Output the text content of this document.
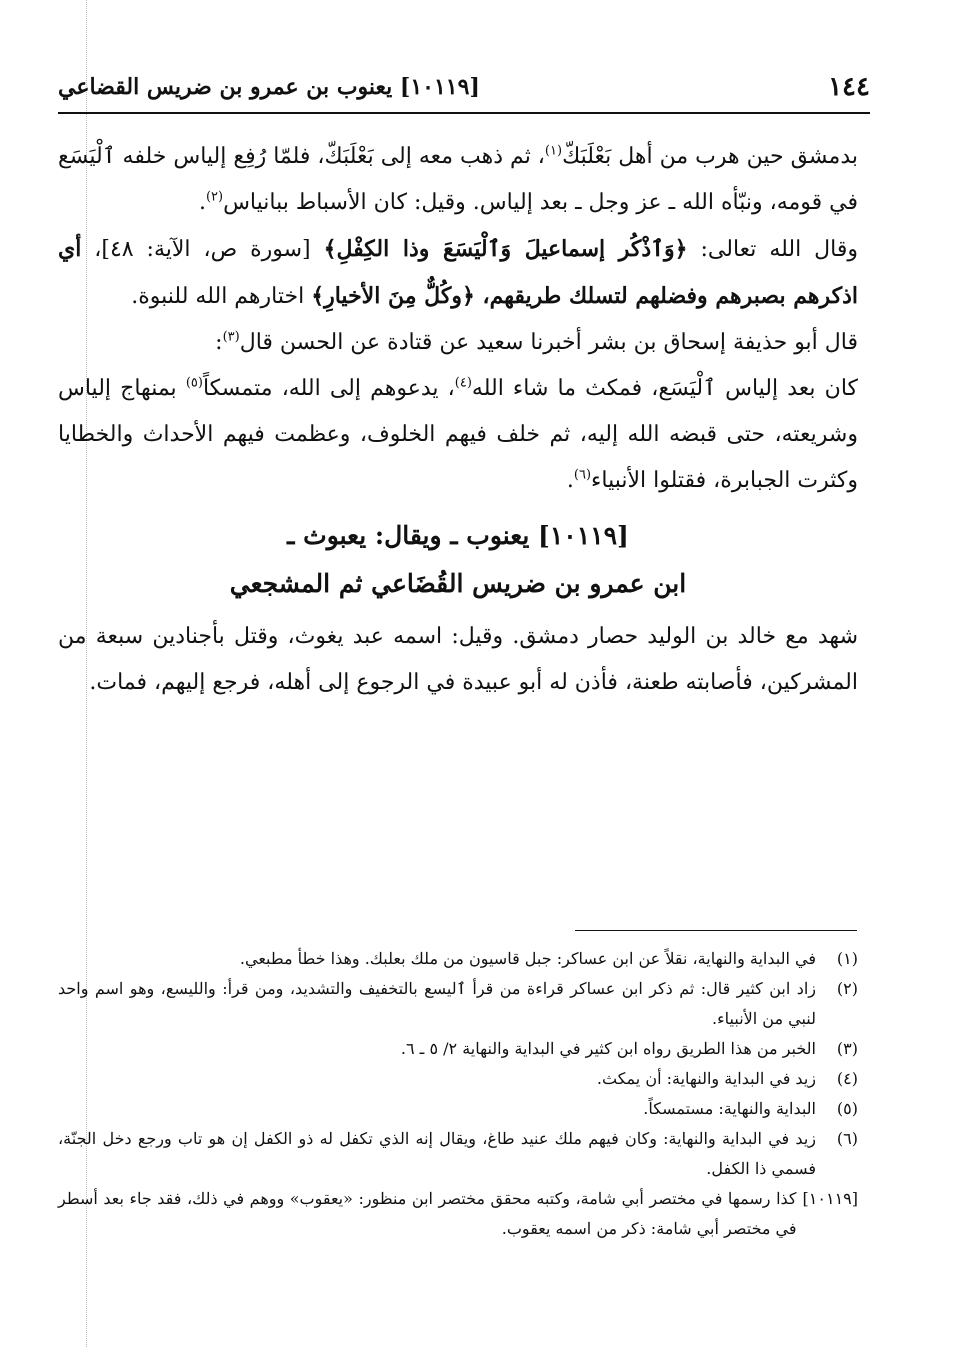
١٤٤
[١٠١١٩] يعنوب بن عمرو بن ضريس القضاعي

بدمشق حين هرب من أهل بَعْلَبَكّ$^{(١)}$، ثم ذهب معه إلى بَعْلَبَكّ، فلمّا رُفِع إلياس خلفه ٱلْيَسَع في قومه، ونبّأه الله ـ عز وجل ـ بعد إلياس. وقيل: كان الأسباط ببانياس$^{(٢)}$.

وقال الله تعالى: ﴿وَٱذْكُر إسماعيلَ وَٱلْيَسَعَ وذا الكِفْلِ﴾ [سورة ص، الآية: ٤٨]، أي اذكرهم بصبرهم وفضلهم لتسلك طريقهم، ﴿وكُلٌّ مِنَ الأخيارِ﴾ اختارهم الله للنبوة.

قال أبو حذيفة إسحاق بن بشر أخبرنا سعيد عن قتادة عن الحسن قال$^{(٣)}$:

كان بعد إلياس ٱلْيَسَع، فمكث ما شاء الله$^{(٤)}$، يدعوهم إلى الله، متمسكاً$^{(٥)}$ بمنهاج إلياس وشريعته، حتى قبضه الله إليه، ثم خلف فيهم الخلوف، وعظمت فيهم الأحداث والخطايا وكثرت الجبابرة، فقتلوا الأنبياء$^{(٦)}$.

[١٠١١٩] يعنوب ـ ويقال: يعبوث ـ
ابن عمرو بن ضريس القُضَاعي ثم المشجعي

شهد مع خالد بن الوليد حصار دمشق. وقيل: اسمه عبد يغوث، وقتل بأجنادين سبعة من المشركين، فأصابته طعنة، فأذن له أبو عبيدة في الرجوع إلى أهله، فرجع إليهم، فمات.

(١)
في البداية والنهاية، نقلاً عن ابن عساكر: جبل قاسيون من ملك بعلبك. وهذا خطأ مطبعي.
(٢)
زاد ابن كثير قال: ثم ذكر ابن عساكر قراءة من قرأ ٱليسع بالتخفيف والتشديد، ومن قرأ: والليسع، وهو اسم واحد لنبي من الأنبياء.
(٣)
الخبر من هذا الطريق رواه ابن كثير في البداية والنهاية ٢/ ٥ ـ ٦.
(٤)
زيد في البداية والنهاية: أن يمكث.
(٥)
البداية والنهاية: مستمسكاً.
(٦)
زيد في البداية والنهاية: وكان فيهم ملك عنيد طاغ، ويقال إنه الذي تكفل له ذو الكفل إن هو تاب ورجع دخل الجنّة، فسمي ذا الكفل.
[١٠١١٩]
كذا رسمها في مختصر أبي شامة، وكتبه محقق مختصر ابن منظور: «يعقوب» ووهم في ذلك، فقد جاء بعد أسطر في مختصر أبي شامة: ذكر من اسمه يعقوب.
